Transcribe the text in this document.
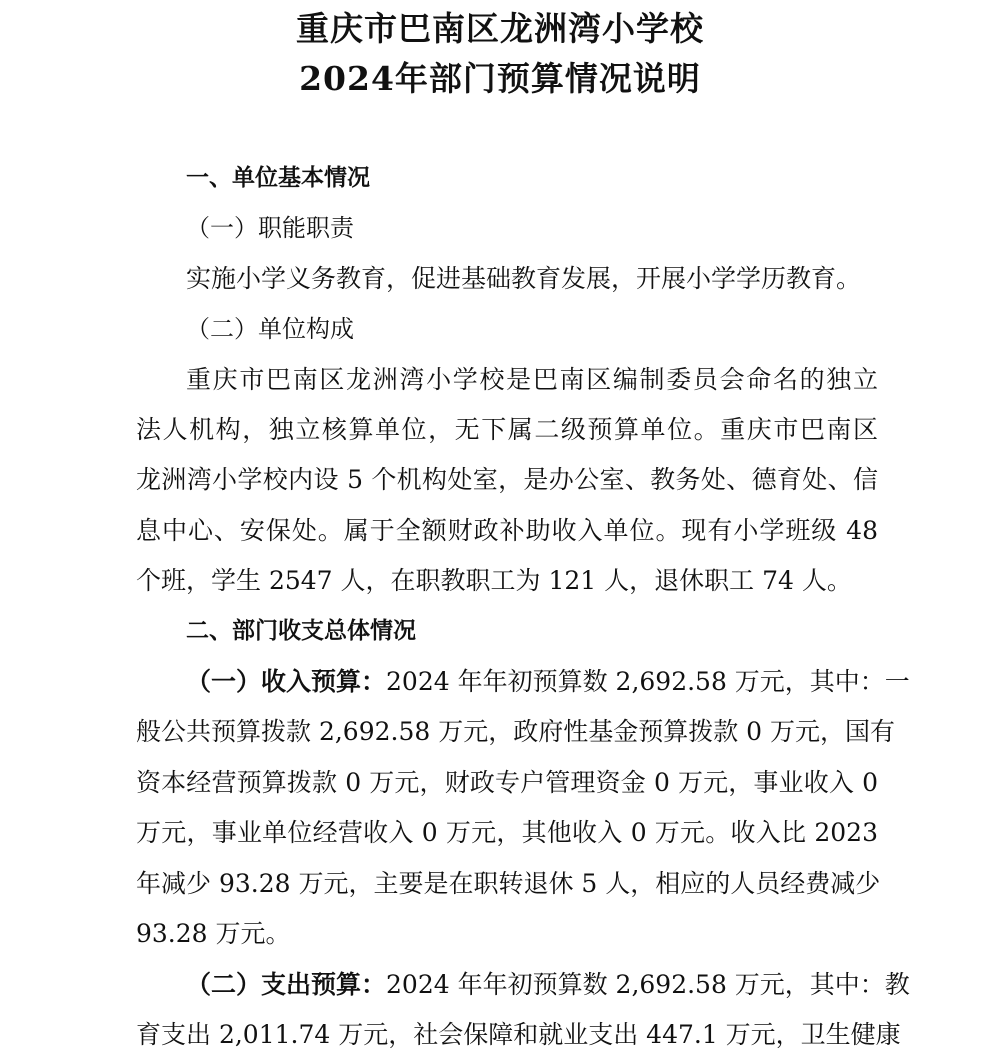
重庆市巴南区龙洲湾小学校
2024年部门预算情况说明

一、单位基本情况

（一）职能职责

实施小学义务教育，促进基础教育发展，开展小学学历教育。

（二）单位构成

重庆市巴南区龙洲湾小学校是巴南区编制委员会命名的独立

法人机构，独立核算单位，无下属二级预算单位。重庆市巴南区

龙洲湾小学校内设 5 个机构处室，是办公室、教务处、德育处、信

息中心、安保处。属于全额财政补助收入单位。现有小学班级 48

个班，学生 2547 人，在职教职工为 121 人，退休职工 74 人。

二、部门收支总体情况

（一）收入预算：2024 年年初预算数 2,692.58 万元，其中：一

般公共预算拨款 2,692.58 万元，政府性基金预算拨款 0 万元，国有

资本经营预算拨款 0 万元，财政专户管理资金 0 万元，事业收入 0

万元，事业单位经营收入 0 万元，其他收入 0 万元。收入比 2023

年减少 93.28 万元，主要是在职转退休 5 人，相应的人员经费减少

93.28 万元。

（二）支出预算：2024 年年初预算数 2,692.58 万元，其中：教

育支出 2,011.74 万元，社会保障和就业支出 447.1 万元，卫生健康
